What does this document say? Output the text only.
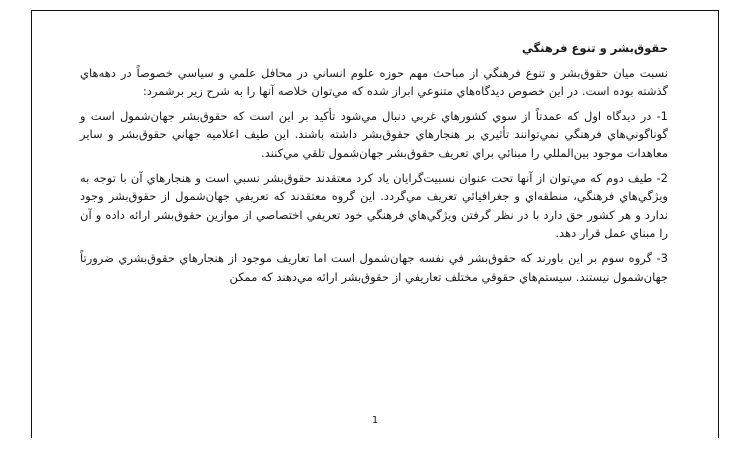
حقوق‌بشر و تنوع فرهنگي
نسبت ميان حقوق‌بشر و تنوع فرهنگي از مباحث مهم حوزه علوم انساني در محافل علمي و سياسي خصوصاً در دهه‌هاي گذشته بوده است. در اين خصوص ديدگاه‌هاي متنوعي ابراز شده كه مي‌توان خلاصه آنها را به شرح زير برشمرد:
1- در ديدگاه اول كه عمدتاً از سوي كشورهاي غربي دنبال مي‌شود تأكيد بر اين است كه حقوق‌بشر جهان‌شمول است و گوناگوني‌هاي فرهنگي نمي‌توانند تأثيري بر هنجارهاي حقوق‌بشر داشته باشند. اين طيف اعلاميه جهاني حقوق‌بشر و ساير معاهدات موجود بين‌المللي را مبنائي براي تعريف حقوق‌بشر جهان‌شمول تلقي مي‌كنند.
2- طيف دوم كه مي‌توان از آنها تحت عنوان نسبيت‌گرايان ياد كرد معتقدند حقوق‌بشر نسبي است و هنجارهاي آن با توجه به ويژگي‌هاي فرهنگي، منطقه‌اي و جغرافيائي تعريف مي‌گردد. اين گروه معتقدند كه تعريفي جهان‌شمول از حقوق‌بشر وجود ندارد و هر كشور حق دارد با در نظر گرفتن ويژگي‌هاي فرهنگي خود تعريفي اختصاصي از موازين حقوق‌بشر ارائه داده و آن را مبناي عمل قرار دهد.
3- گروه سوم بر اين باورند كه حقوق‌بشر في نفسه جهان‌شمول است اما تعاريف موجود از هنجارهاي حقوق‌بشري ضرورتاً جهان‌شمول نيستند. سيستم‌هاي حقوقي مختلف تعاريفي از حقوق‌بشر ارائه مي‌دهند كه ممكن
1
